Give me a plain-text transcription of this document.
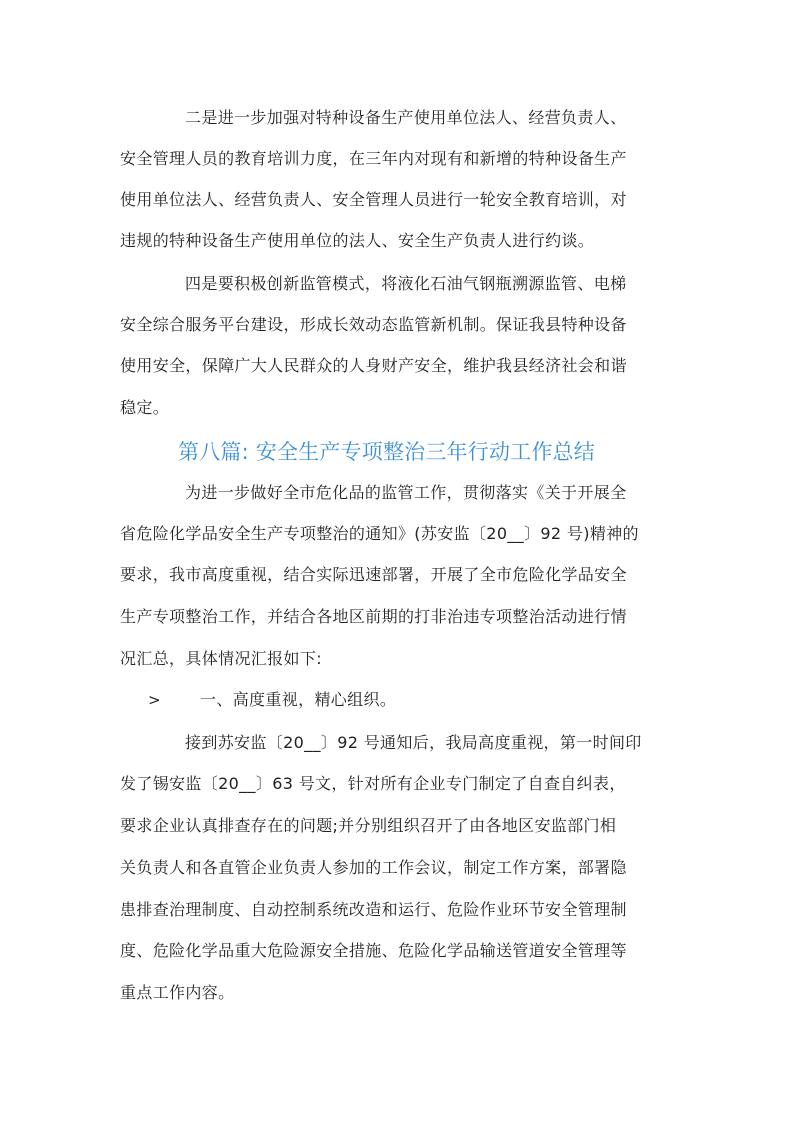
二是进一步加强对特种设备生产使用单位法人、经营负责人、
安全管理人员的教育培训力度，在三年内对现有和新增的特种设备生产
使用单位法人、经营负责人、安全管理人员进行一轮安全教育培训，对
违规的特种设备生产使用单位的法人、安全生产负责人进行约谈。
四是要积极创新监管模式，将液化石油气钢瓶溯源监管、电梯
安全综合服务平台建设，形成长效动态监管新机制。保证我县特种设备
使用安全，保障广大人民群众的人身财产安全，维护我县经济社会和谐
稳定。
第八篇: 安全生产专项整治三年行动工作总结
为进一步做好全市危化品的监管工作，贯彻落实《关于开展全
省危险化学品安全生产专项整治的通知》(苏安监〔20__〕92 号)精神的
要求，我市高度重视，结合实际迅速部署，开展了全市危险化学品安全
生产专项整治工作，并结合各地区前期的打非治违专项整治活动进行情
况汇总，具体情况汇报如下:
> 一、高度重视，精心组织。
接到苏安监〔20__〕92 号通知后，我局高度重视，第一时间印
发了锡安监〔20__〕63 号文，针对所有企业专门制定了自查自纠表，
要求企业认真排查存在的问题;并分别组织召开了由各地区安监部门相
关负责人和各直管企业负责人参加的工作会议，制定工作方案，部署隐
患排查治理制度、自动控制系统改造和运行、危险作业环节安全管理制
度、危险化学品重大危险源安全措施、危险化学品输送管道安全管理等
重点工作内容。
